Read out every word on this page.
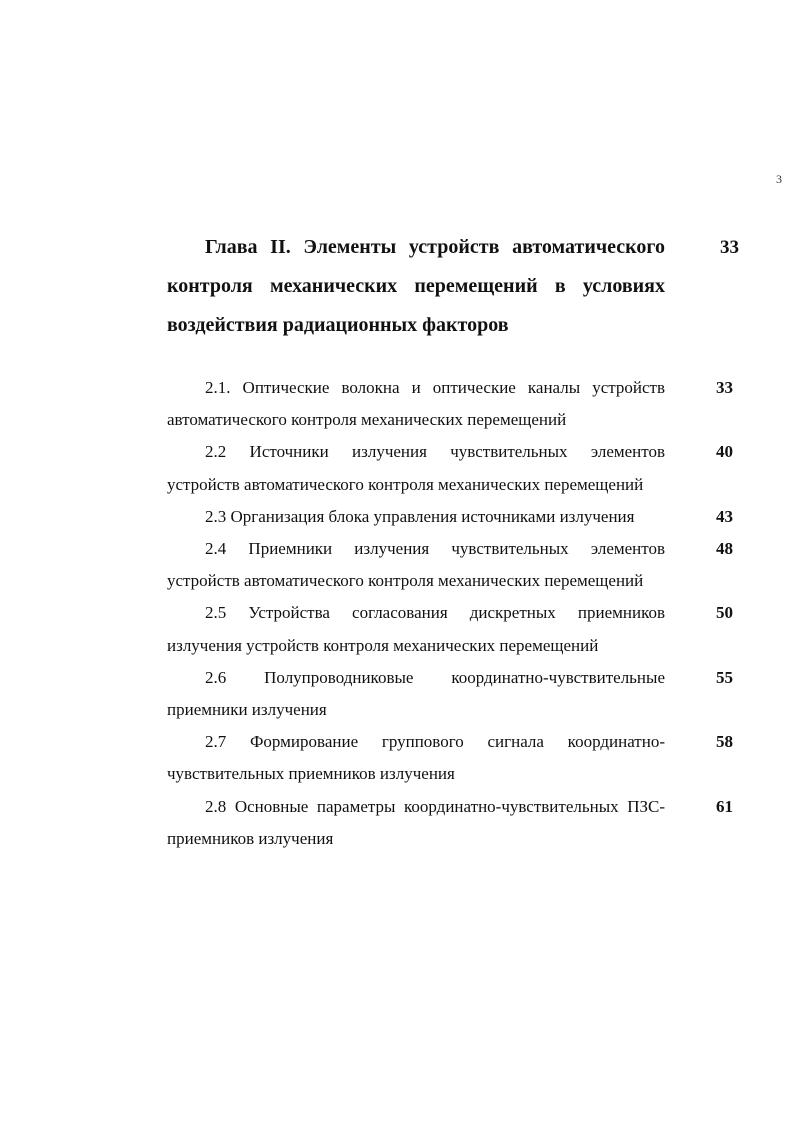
3

Глава II. Элементы устройств автоматического контроля механических перемещений в условиях воздействия радиационных факторов

33
2.1. Оптические волокна и оптические каналы устройств автоматического контроля механических перемещений
33
2.2 Источники излучения чувствительных элементов устройств автоматического контроля механических перемещений
40
2.3 Организация блока управления источниками излучения	43
2.4 Приемники излучения чувствительных элементов устройств автоматического контроля механических перемещений
48
2.5 Устройства согласования дискретных приемников излучения устройств контроля механических перемещений
50
2.6 Полупроводниковые координатно-чувствительные приемники излучения
55
2.7 Формирование группового сигнала координатно-чувствительных приемников излучения
58
2.8 Основные параметры координатно-чувствительных ПЗС-приемников излучения
61
